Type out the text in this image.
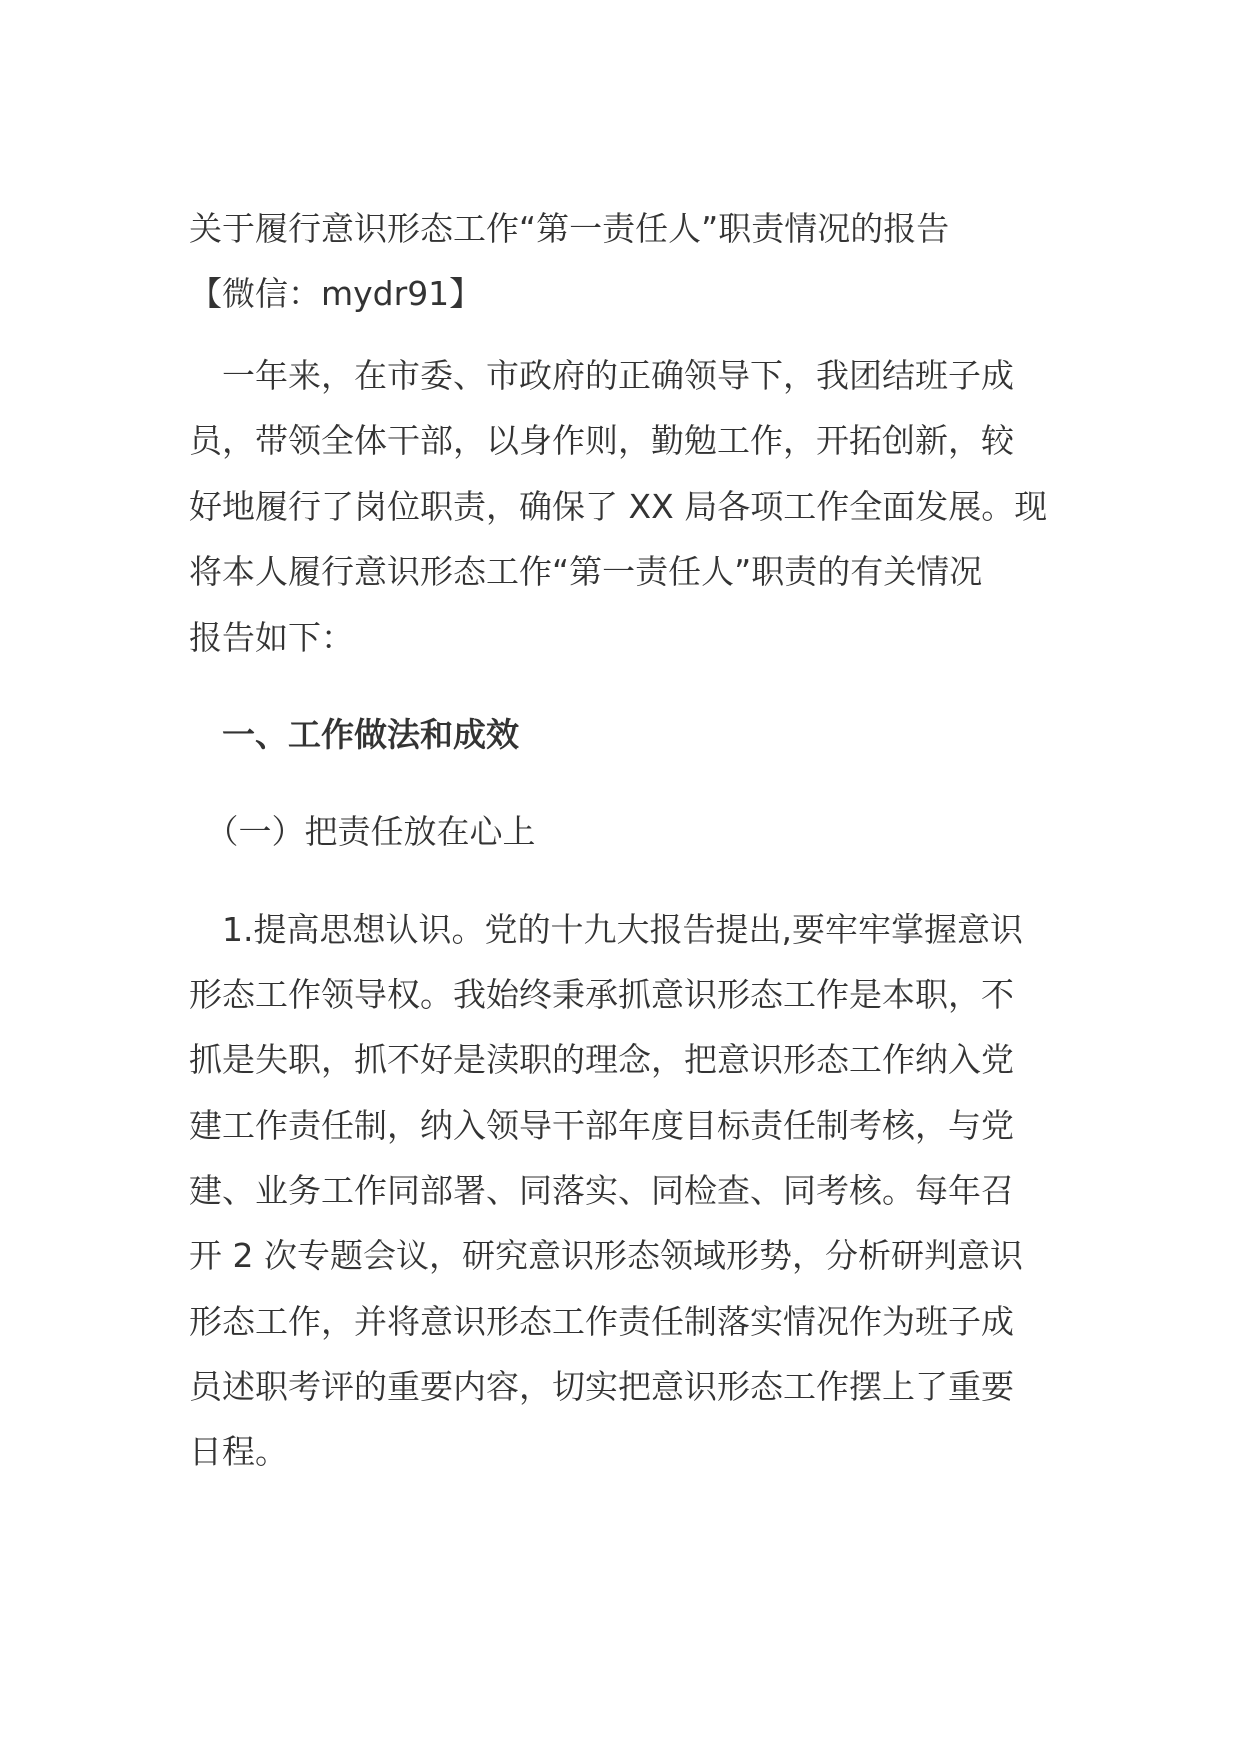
关于履行意识形态工作“第一责任人”职责情况的报告
【微信：mydr91】
　一年来，在市委、市政府的正确领导下，我团结班子成
员，带领全体干部，以身作则，勤勉工作，开拓创新，较
好地履行了岗位职责，确保了 XX 局各项工作全面发展。现
将本人履行意识形态工作“第一责任人”职责的有关情况
报告如下：
　一、工作做法和成效
　（一）把责任放在心上
　1.提高思想认识。党的十九大报告提出,要牢牢掌握意识
形态工作领导权。我始终秉承抓意识形态工作是本职，不
抓是失职，抓不好是渎职的理念，把意识形态工作纳入党
建工作责任制，纳入领导干部年度目标责任制考核，与党
建、业务工作同部署、同落实、同检查、同考核。每年召
开 2 次专题会议，研究意识形态领域形势，分析研判意识
形态工作，并将意识形态工作责任制落实情况作为班子成
员述职考评的重要内容，切实把意识形态工作摆上了重要
日程。
